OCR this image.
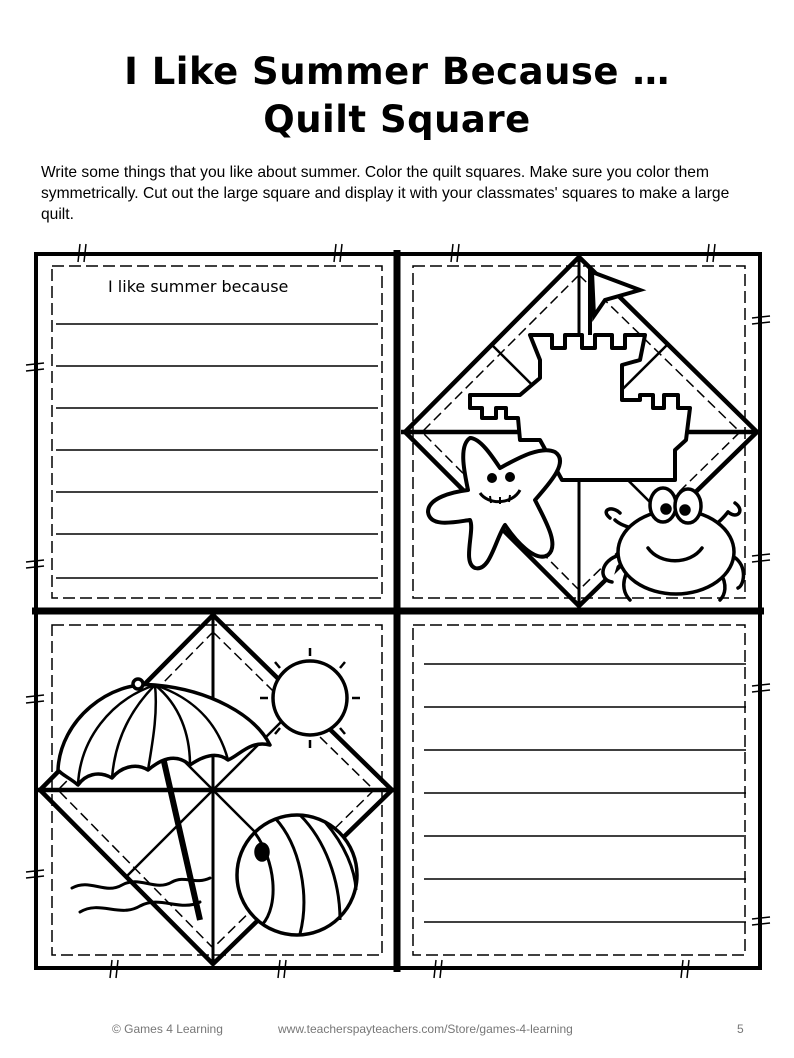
I Like Summer Because …
Quilt Square

Write some things that you like about summer. Color the quilt squares. Make sure you color them symmetrically. Cut out the large square and display it with your classmates' squares to make a large quilt.

I like summer because

© Games 4 Learning	www.teacherspayteachers.com/Store/games-4-learning	5
